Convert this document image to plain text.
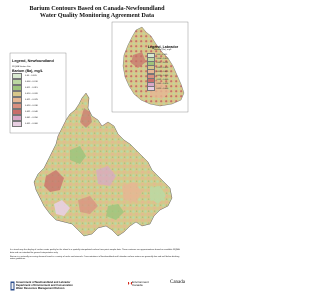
Barium Contours Based on Canada-Newfoundland
Water Quality Monitoring Agreement Data
Legend, Labrador
Barium (Ba), mg/L
0.00 - 0.005
0.006 - 0.010
0.011 - 0.015
0.016 - 0.020
0.021 - 0.025
0.026 - 0.030
0.031 - 0.040
0.041 - 0.050
0.051 - 0.060
Legend, Newfoundland
WQMA Station Site
Barium (Ba), mg/L
0.00 - 0.005
0.006 - 0.010
0.011 - 0.015
0.016 - 0.020
0.021 - 0.025
0.026 - 0.030
0.031 - 0.040
0.041 - 0.050
0.051 - 0.060

In a trend map the display of surface water quality for the island is a spatially interpolated surface from point sample data. These contours are approximations based on available WQMA data and are intended for general interpretation only.

Barium is a naturally occurring element found in a variety of rocks and minerals. Concentrations in Newfoundland and Labrador surface waters are generally low and well below drinking water guidelines.

Government of Newfoundland and Labrador
Department of Environment and Conservation
Water Resources Management Division
Environment
Canada
Canada
